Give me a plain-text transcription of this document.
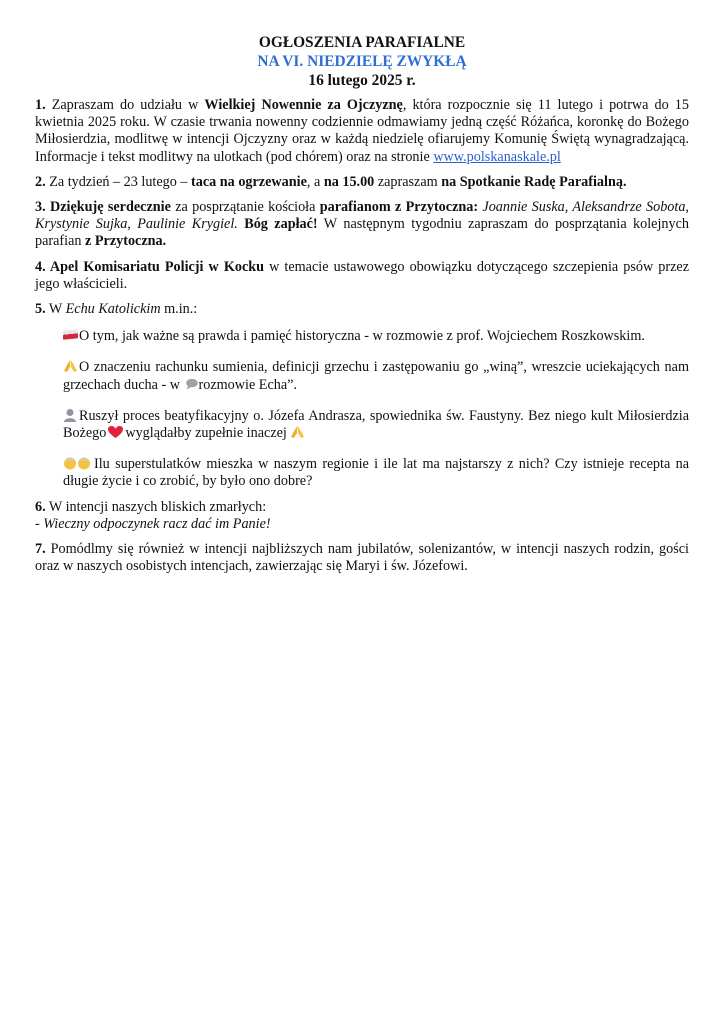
OGŁOSZENIA PARAFIALNE
NA VI. NIEDZIELĘ ZWYKŁĄ
16 lutego 2025 r.

1. Zapraszam do udziału w Wielkiej Nowennie za Ojczyznę, która rozpocznie się 11 lutego i potrwa do 15 kwietnia 2025 roku. W czasie trwania nowenny codziennie odmawiamy jedną część Różańca, koronkę do Bożego Miłosierdzia, modlitwę w intencji Ojczyzny oraz w każdą niedzielę ofiarujemy Komunię Świętą wynagradzającą. Informacje i tekst modlitwy na ulotkach (pod chórem) oraz na stronie www.polskanaskale.pl

2. Za tydzień – 23 lutego – taca na ogrzewanie, a na 15.00 zapraszam na Spotkanie Radę Parafialną.

3. Dziękuję serdecznie za posprzątanie kościoła parafianom z Przytoczna: Joannie Suska, Aleksandrze Sobota, Krystynie Sujka, Paulinie Krygiel. Bóg zapłać! W następnym tygodniu zapraszam do posprzątania kolejnych parafian z Przytoczna.

4. Apel Komisariatu Policji w Kocku w temacie ustawowego obowiązku dotyczącego szczepienia psów przez jego właścicieli.

5. W Echu Katolickim m.in.:

O tym, jak ważne są prawda i pamięć historyczna - w rozmowie z prof. Wojciechem Roszkowskim.

O znaczeniu rachunku sumienia, definicji grzechu i zastępowaniu go „winą”, wreszcie uciekających nam grzechach ducha - w rozmowie Echa”.

Ruszył proces beatyfikacyjny o. Józefa Andrasza, spowiednika św. Faustyny. Bez niego kult Miłosierdzia Bożego wyglądałby zupełnie inaczej

Ilu superstulatków mieszka w naszym regionie i ile lat ma najstarszy z nich? Czy istnieje recepta na długie życie i co zrobić, by było ono dobre?

6. W intencji naszych bliskich zmarłych:
- Wieczny odpoczynek racz dać im Panie!

7. Pomódlmy się również w intencji najbliższych nam jubilatów, solenizantów, w intencji naszych rodzin, gości oraz w naszych osobistych intencjach, zawierzając się Maryi i św. Józefowi.
